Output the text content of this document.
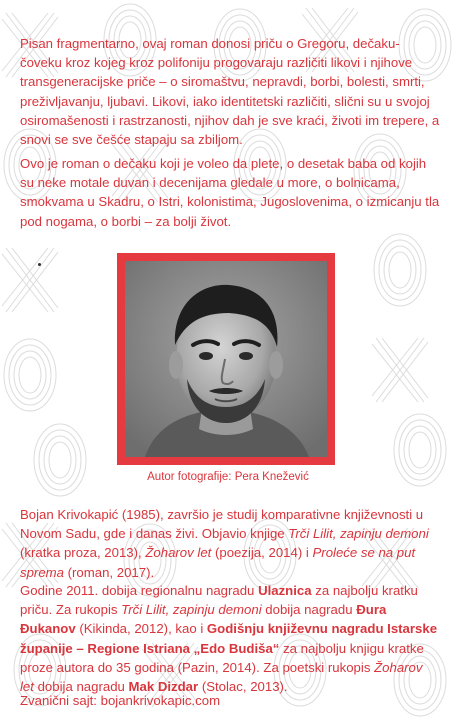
Pisan fragmentarno, ovaj roman donosi priču o Gregoru, dečaku-čoveku kroz kojeg kroz polifoniju progovaraju različiti likovi i njihove transgeneracijske priče – o siromaštvu, nepravdi, borbi, bolesti, smrti, preživljavanju, ljubavi. Likovi, iako identitetski različiti, slični su u svojoj osiromašenosti i rastrzanosti, njihov dah je sve kraći, životi im trepere, a snovi se sve češće stapaju sa zbiljom.

Ovo je roman o dečaku koji je voleo da plete, o desetak baba od kojih su neke motale duvan i decenijama gledale u more, o bolnicama, smokvama u Skadru, o Istri, kolonistima, Jugoslovenima, o izmicanju tla pod nogama, o borbi – za bolji život.

Autor fotografije: Pera Knežević

Bojan Krivokapić (1985), završio je studij komparativne književnosti u Novom Sadu, gde i danas živi. Objavio knjige Trči Lilit, zapinju demoni (kratka proza, 2013), Žoharov let (poezija, 2014) i Proleće se na put sprema (roman, 2017).

Godine 2011. dobija regionalnu nagradu Ulaznica za najbolju kratku priču. Za rukopis Trči Lilit, zapinju demoni dobija nagradu Đura Đukanov (Kikinda, 2012), kao i Godišnju književnu nagradu Istarske županije – Regione Istriana „Edo Budiša“ za najbolju knjigu kratke proze autora do 35 godina (Pazin, 2014). Za poetski rukopis Žoharov let dobija nagradu Mak Dizdar (Stolac, 2013).

Zvanični sajt: bojankrivokapic.com
